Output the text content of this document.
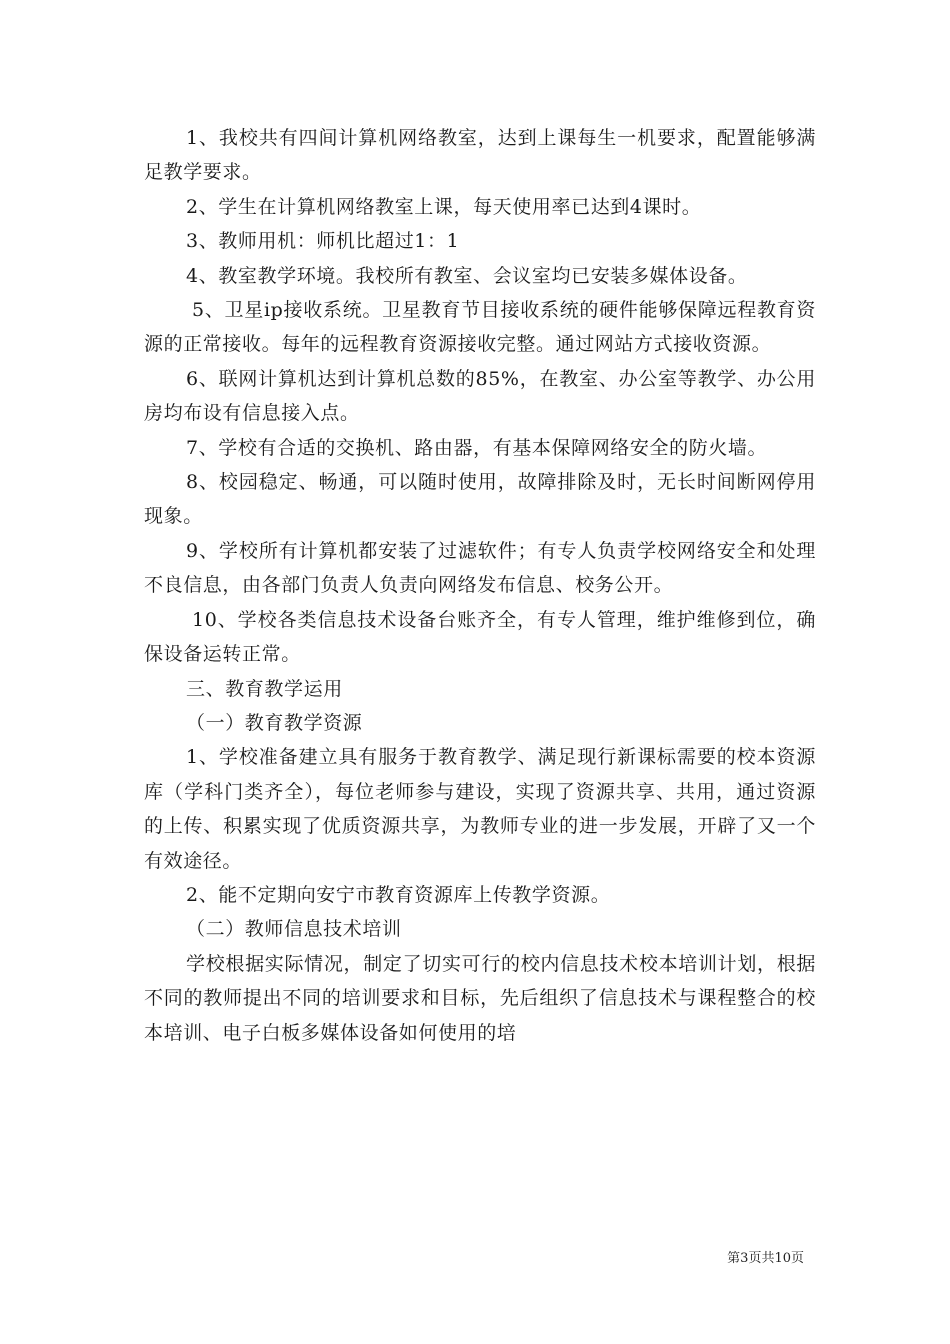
1、我校共有四间计算机网络教室，达到上课每生一机要求，配置能够满足教学要求。

2、学生在计算机网络教室上课，每天使用率已达到4课时。

3、教师用机：师机比超过1：1

4、教室教学环境。我校所有教室、会议室均已安装多媒体设备。

5、卫星ip接收系统。卫星教育节目接收系统的硬件能够保障远程教育资源的正常接收。每年的远程教育资源接收完整。通过网站方式接收资源。

6、联网计算机达到计算机总数的85%，在教室、办公室等教学、办公用房均布设有信息接入点。

7、学校有合适的交换机、路由器，有基本保障网络安全的防火墙。

8、校园稳定、畅通，可以随时使用，故障排除及时，无长时间断网停用现象。

9、学校所有计算机都安装了过滤软件；有专人负责学校网络安全和处理不良信息，由各部门负责人负责向网络发布信息、校务公开。

10、学校各类信息技术设备台账齐全，有专人管理，维护维修到位，确保设备运转正常。

三、教育教学运用

（一）教育教学资源

1、学校准备建立具有服务于教育教学、满足现行新课标需要的校本资源库（学科门类齐全），每位老师参与建设，实现了资源共享、共用，通过资源的上传、积累实现了优质资源共享，为教师专业的进一步发展，开辟了又一个有效途径。

2、能不定期向安宁市教育资源库上传教学资源。

（二）教师信息技术培训

学校根据实际情况，制定了切实可行的校内信息技术校本培训计划，根据不同的教师提出不同的培训要求和目标，先后组织了信息技术与课程整合的校本培训、电子白板多媒体设备如何使用的培

第3页共10页
